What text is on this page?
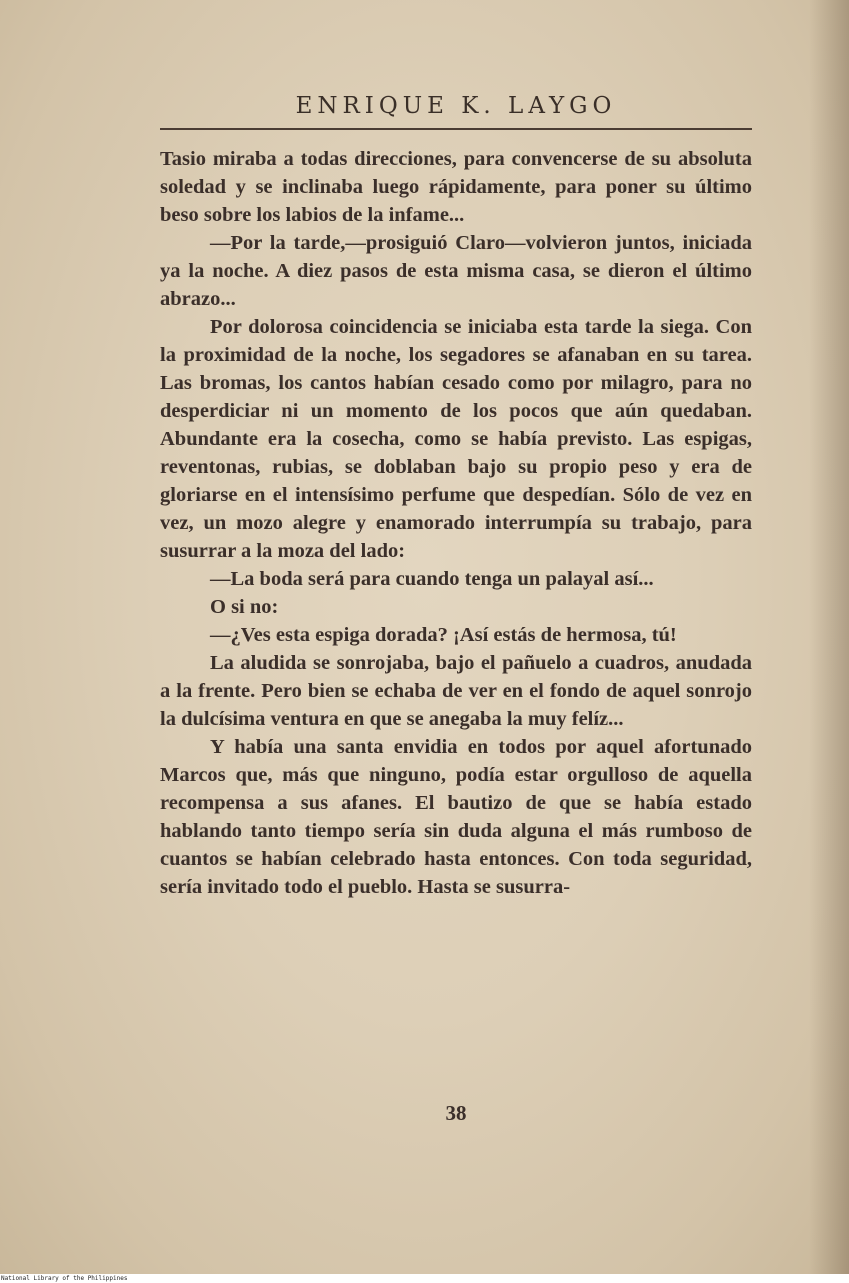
ENRIQUE K. LAYGO

Tasio miraba a todas direcciones, para convencerse de su absoluta soledad y se inclinaba luego rápidamente, para poner su último beso sobre los labios de la infame...

—Por la tarde,—prosiguió Claro—volvieron juntos, iniciada ya la noche. A diez pasos de esta misma casa, se dieron el último abrazo...

Por dolorosa coincidencia se iniciaba esta tarde la siega. Con la proximidad de la noche, los segadores se afanaban en su tarea. Las bromas, los cantos habían cesado como por milagro, para no desperdiciar ni un momento de los pocos que aún quedaban. Abundante era la cosecha, como se había previsto. Las espigas, reventonas, rubias, se doblaban bajo su propio peso y era de gloriarse en el intensísimo perfume que despedían. Sólo de vez en vez, un mozo alegre y enamorado interrumpía su trabajo, para susurrar a la moza del lado:

—La boda será para cuando tenga un palayal así...

O si no:

—¿Ves esta espiga dorada? ¡Así estás de hermosa, tú!

La aludida se sonrojaba, bajo el pañuelo a cuadros, anudada a la frente. Pero bien se echaba de ver en el fondo de aquel sonrojo la dulcísima ventura en que se anegaba la muy felíz...

Y había una santa envidia en todos por aquel afortunado Marcos que, más que ninguno, podía estar orgulloso de aquella recompensa a sus afanes. El bautizo de que se había estado hablando tanto tiempo sería sin duda alguna el más rumboso de cuantos se habían celebrado hasta entonces. Con toda seguridad, sería invitado todo el pueblo. Hasta se susurra-

38
National Library of the Philippines
